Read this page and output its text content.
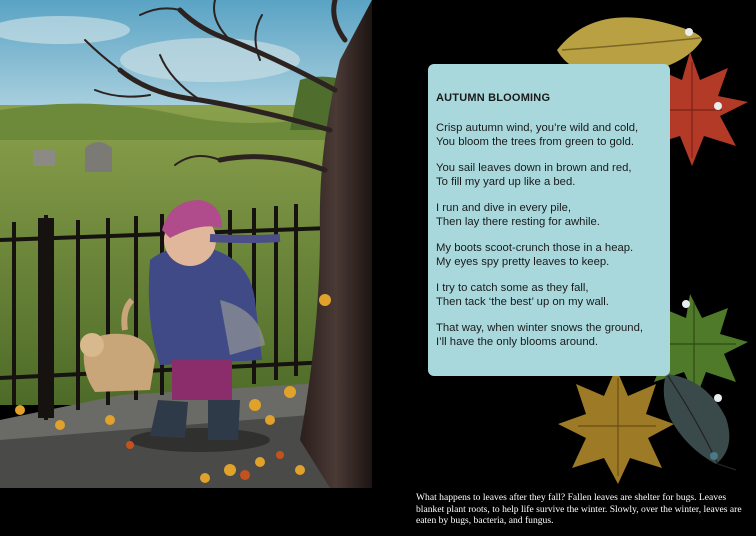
AUTUMN BLOOMING
Crisp autumn wind, you’re wild and cold,
You bloom the trees from green to gold.
You sail leaves down in brown and red,
To fill my yard up like a bed.
I run and dive in every pile,
Then lay there resting for awhile.
My boots scoot-crunch those in a heap.
My eyes spy pretty leaves to keep.
I try to catch some as they fall,
Then tack ‘the best’ up on my wall.
That way, when winter snows the ground,
I’ll have the only blooms around.
What happens to leaves after they fall? Fallen leaves are shelter for bugs. Leaves blanket plant roots, to help life survive the winter. Slowly, over the winter, leaves are eaten by bugs, bacteria, and fungus.
